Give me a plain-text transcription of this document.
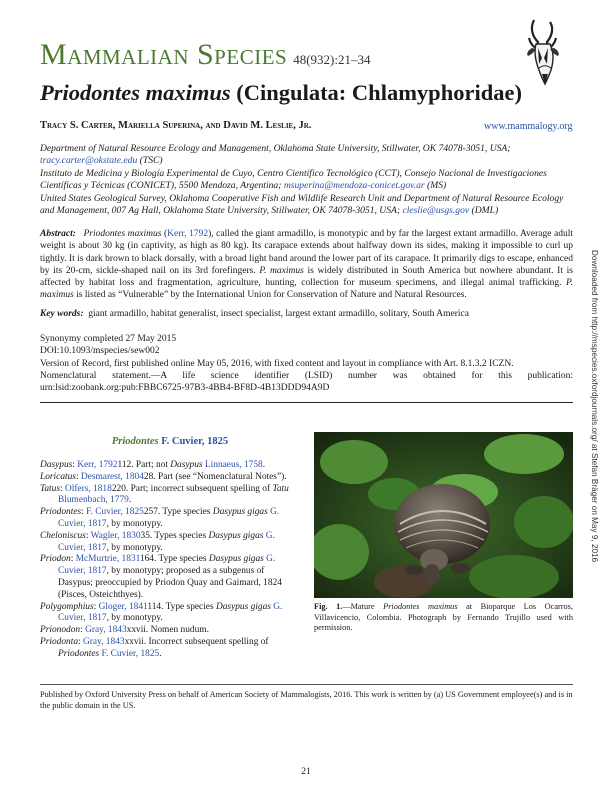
Mammalian Species 48(932):21–34
Priodontes maximus (Cingulata: Chlamyphoridae)
Tracy S. Carter, Mariella Superina, and David M. Leslie, Jr.	www.mammalogy.org

Department of Natural Resource Ecology and Management, Oklahoma State University, Stillwater, OK 74078-3051, USA; tracy.carter@okstate.edu (TSC)

Instituto de Medicina y Biología Experimental de Cuyo, Centro Científico Tecnológico (CCT), Consejo Nacional de Investigaciones Científicas y Técnicas (CONICET), 5500 Mendoza, Argentina; msuperina@mendoza-conicet.gov.ar (MS)

United States Geological Survey, Oklahoma Cooperative Fish and Wildlife Research Unit and Department of Natural Resource Ecology and Management, 007 Ag Hall, Oklahoma State University, Stillwater, OK 74078-3051, USA; cleslie@usgs.gov (DML)

Abstract: Priodontes maximus (Kerr, 1792), called the giant armadillo, is monotypic and by far the largest extant armadillo. Average adult weight is about 30 kg (in captivity, as high as 80 kg). Its carapace extends about halfway down its sides, making it impossible to curl up tightly. It is dark brown to black dorsally, with a broad light band around the lower part of its carapace. It primarily digs to escape, enhanced by its 20-cm, sickle-shaped nail on its 3rd forefingers. P. maximus is widely distributed in South America but nowhere abundant. It is affected by habitat loss and fragmentation, agriculture, hunting, collection for museum specimens, and illegal animal trafficking. P. maximus is listed as “Vulnerable” by the International Union for Conservation of Nature and Natural Resources.

Key words: giant armadillo, habitat generalist, insect specialist, largest extant armadillo, solitary, South America

Synonymy completed 27 May 2015

DOI:10.1093/mspecies/sew002

Version of Record, first published online May 05, 2016, with fixed content and layout in compliance with Art. 8.1.3.2 ICZN.

Nomenclatural statement.—A life science identifier (LSID) number was obtained for this publication: urn:lsid:zoobank.org:pub:FBBC6725-97B3-4BB4-BF8D-4B13DDD94A9D

Priodontes F. Cuvier, 1825

Dasypus: Kerr, 1792112. Part; not Dasypus Linnaeus, 1758.

Loricatus: Desmarest, 180428. Part (see “Nomenclatural Notes”).

Tatus: Olfers, 1818220. Part; incorrect subsequent spelling of Tatu Blumenbach, 1779.

Priodontes: F. Cuvier, 1825257. Type species Dasypus gigas G. Cuvier, 1817, by monotypy.

Cheloniscus: Wagler, 183035. Types species Dasypus gigas G. Cuvier, 1817, by monotypy.

Priodon: McMurtrie, 1831164. Type species Dasypus gigas G. Cuvier, 1817, by monotypy; proposed as a subgenus of Dasypus; preoccupied by Priodon Quay and Gaimard, 1824 (Pisces, Osteichthyes).

Polygomphius: Gloger, 1841114. Type species Dasypus gigas G. Cuvier, 1817, by monotypy.

Prionodon: Gray, 1843xxvii. Nomen nudum.

Priodonta: Gray, 1843xxvii. Incorrect subsequent spelling of Priodontes F. Cuvier, 1825.

Fig. 1.—Mature Priodontes maximus at Bioparque Los Ocarros, Villavicencio, Colombia. Photograph by Fernando Trujillo used with permission.

Published by Oxford University Press on behalf of American Society of Mammalogists, 2016. This work is written by (a) US Government employee(s) and is in the public domain in the US.

21
Downloaded from http://mspecies.oxfordjournals.org/ at Stefan Bräger on May 9, 2016
